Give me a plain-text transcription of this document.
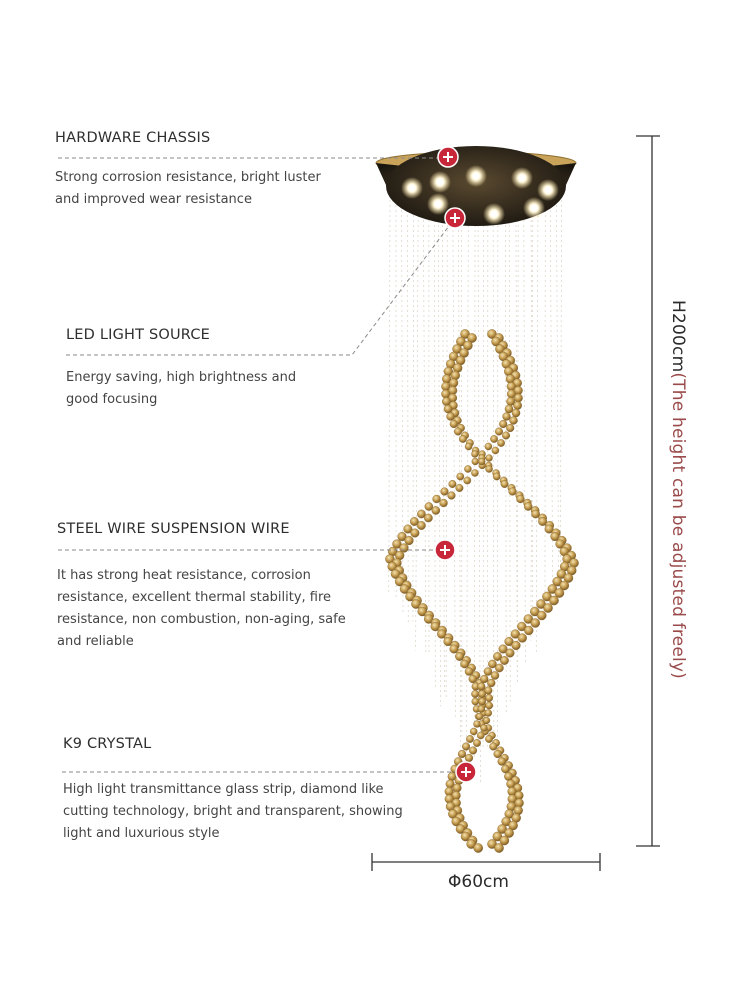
HARDWARE CHASSIS
Strong corrosion resistance, bright luster and improved wear resistance
LED LIGHT SOURCE
Energy saving, high brightness and good focusing
STEEL WIRE SUSPENSION WIRE
It has strong heat resistance, corrosion resistance, excellent thermal stability, fire resistance, non combustion, non-aging, safe and reliable
K9 CRYSTAL
High light transmittance glass strip, diamond like cutting technology, bright and transparent, showing light and luxurious style
H200cm(The height can be adjusted freely)
Φ60cm
